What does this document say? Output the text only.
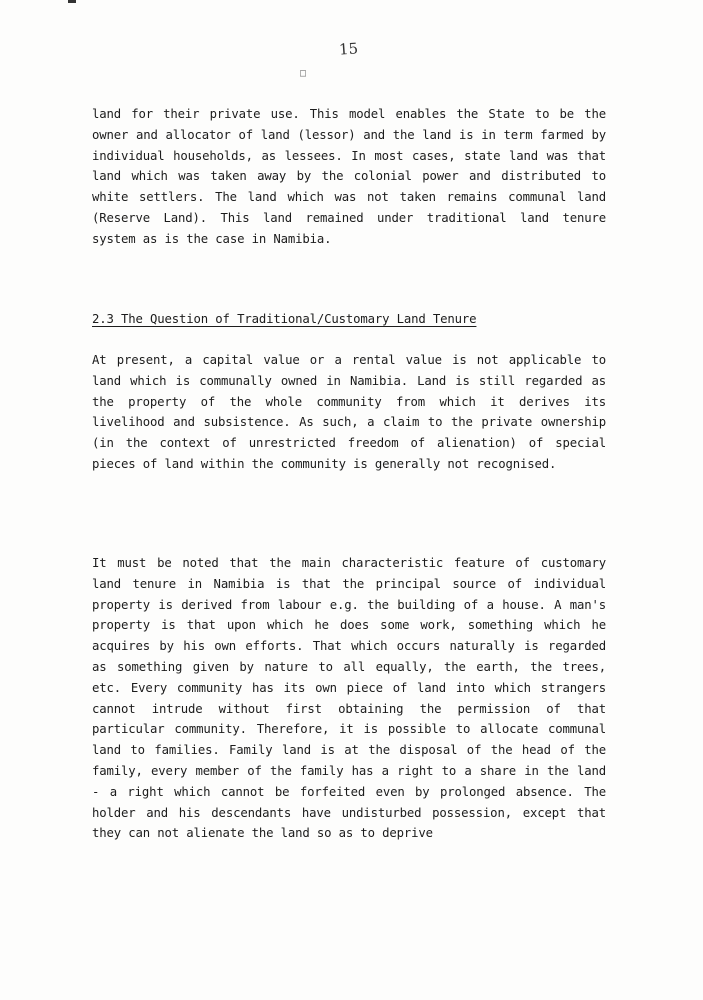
15
□

land for their private use. This model enables the State to be the owner and allocator of land (lessor) and the land is in term farmed by individual households, as lessees. In most cases, state land was that land which was taken away by the colonial power and distributed to white settlers. The land which was not taken remains communal land (Reserve Land). This land remained under traditional land tenure system as is the case in Namibia.

2.3 The Question of Traditional/Customary Land Tenure

At present, a capital value or a rental value is not applicable to land which is communally owned in Namibia. Land is still regarded as the property of the whole community from which it derives its livelihood and subsistence. As such, a claim to the private ownership (in the context of unrestricted freedom of alienation) of special pieces of land within the community is generally not recognised.

It must be noted that the main characteristic feature of customary land tenure in Namibia is that the principal source of individual property is derived from labour e.g. the building of a house. A man's property is that upon which he does some work, something which he acquires by his own efforts. That which occurs naturally is regarded as something given by nature to all equally, the earth, the trees, etc. Every community has its own piece of land into which strangers cannot intrude without first obtaining the permission of that particular community. Therefore, it is possible to allocate communal land to families. Family land is at the disposal of the head of the family, every member of the family has a right to a share in the land - a right which cannot be forfeited even by prolonged absence. The holder and his descendants have undisturbed possession, except that they can not alienate the land so as to deprive
